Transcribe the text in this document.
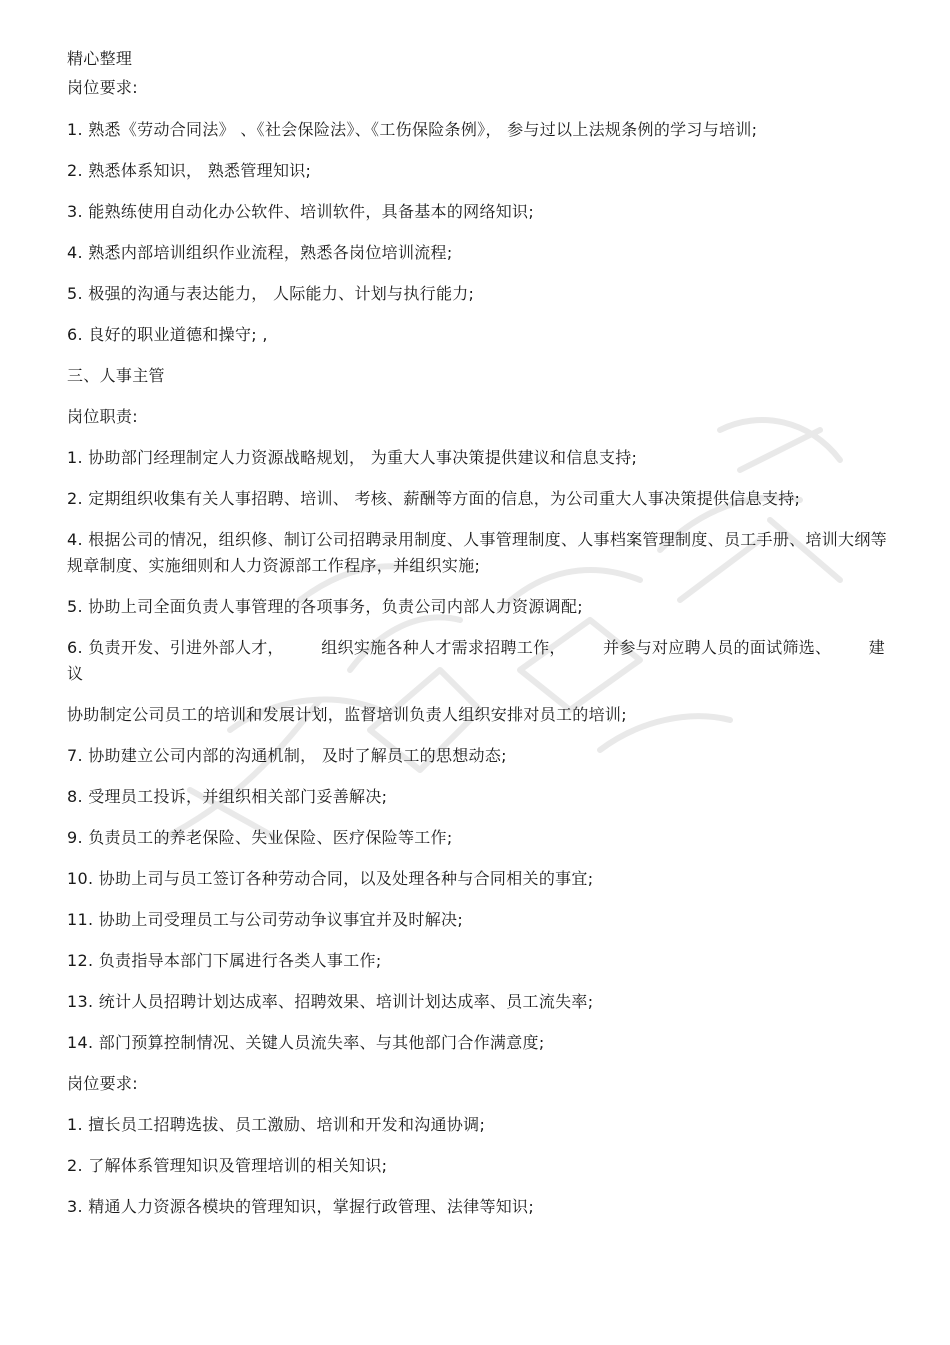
精心整理

岗位要求:

1. 熟悉《劳动合同法》 、《社会保险法》、《工伤保险条例》， 参与过以上法规条例的学习与培训;

2. 熟悉体系知识， 熟悉管理知识;

3. 能熟练使用自动化办公软件、培训软件，具备基本的网络知识;

4. 熟悉内部培训组织作业流程，熟悉各岗位培训流程;

5. 极强的沟通与表达能力， 人际能力、计划与执行能力;

6. 良好的职业道德和操守; ,

三、人事主管

岗位职责:

1. 协助部门经理制定人力资源战略规划， 为重大人事决策提供建议和信息支持;

2. 定期组织收集有关人事招聘、培训、 考核、薪酬等方面的信息，为公司重大人事决策提供信息支持;

4. 根据公司的情况，组织修、制订公司招聘录用制度、人事管理制度、人事档案管理制度、员工手册、培训大纲等规章制度、实施细则和人力资源部工作程序，并组织实施;

5. 协助上司全面负责人事管理的各项事务，负责公司内部人力资源调配;

6. 负责开发、引进外部人才， 组织实施各种人才需求招聘工作， 并参与对应聘人员的面试筛选、 建

议

协助制定公司员工的培训和发展计划，监督培训负责人组织安排对员工的培训;

7. 协助建立公司内部的沟通机制， 及时了解员工的思想动态;

8. 受理员工投诉，并组织相关部门妥善解决;

9. 负责员工的养老保险、失业保险、医疗保险等工作;

10. 协助上司与员工签订各种劳动合同，以及处理各种与合同相关的事宜;

11. 协助上司受理员工与公司劳动争议事宜并及时解决;

12. 负责指导本部门下属进行各类人事工作;

13. 统计人员招聘计划达成率、招聘效果、培训计划达成率、员工流失率;

14. 部门预算控制情况、关键人员流失率、与其他部门合作满意度;

岗位要求:

1. 擅长员工招聘选拔、员工激励、培训和开发和沟通协调;

2. 了解体系管理知识及管理培训的相关知识;

3. 精通人力资源各模块的管理知识，掌握行政管理、法律等知识;
